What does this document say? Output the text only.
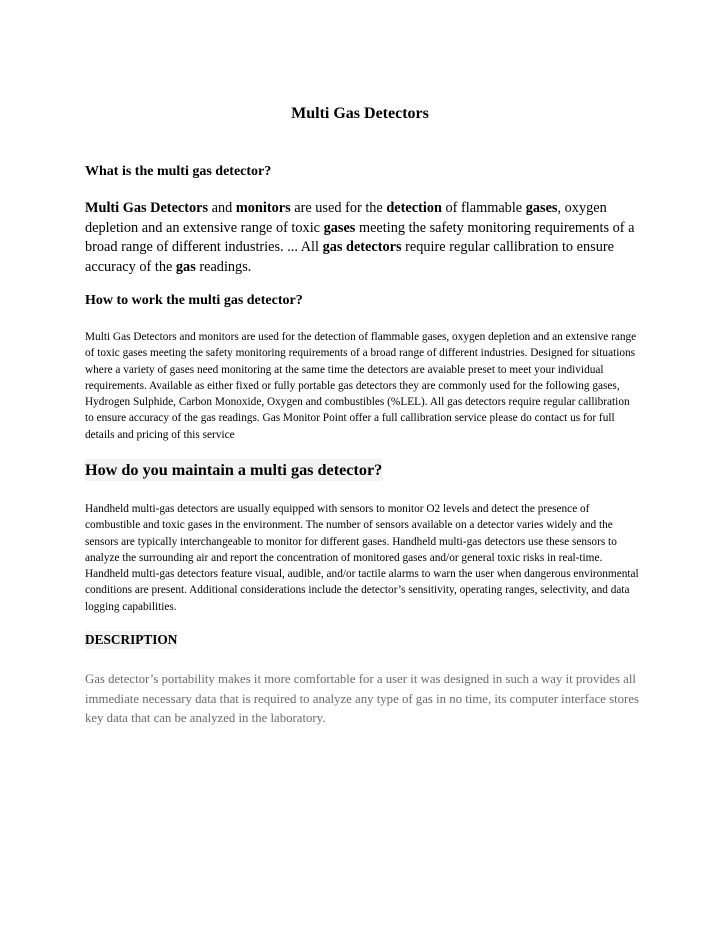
Multi Gas Detectors
What is the multi gas detector?
Multi Gas Detectors and monitors are used for the detection of flammable gases, oxygen depletion and an extensive range of toxic gases meeting the safety monitoring requirements of a broad range of different industries. ... All gas detectors require regular callibration to ensure accuracy of the gas readings.
How to work the multi gas detector?
Multi Gas Detectors and monitors are used for the detection of flammable gases, oxygen depletion and an extensive range of toxic gases meeting the safety monitoring requirements of a broad range of different industries. Designed for situations where a variety of gases need monitoring at the same time the detectors are avaiable preset to meet your individual requirements. Available as either fixed or fully portable gas detectors they are commonly used for the following gases, Hydrogen Sulphide, Carbon Monoxide, Oxygen and combustibles (%LEL). All gas detectors require regular callibration to ensure accuracy of the gas readings. Gas Monitor Point offer a full callibration service please do contact us for full details and pricing of this service
How do you maintain a multi gas detector?
Handheld multi-gas detectors are usually equipped with sensors to monitor O2 levels and detect the presence of combustible and toxic gases in the environment. The number of sensors available on a detector varies widely and the sensors are typically interchangeable to monitor for different gases. Handheld multi-gas detectors use these sensors to analyze the surrounding air and report the concentration of monitored gases and/or general toxic risks in real-time. Handheld multi-gas detectors feature visual, audible, and/or tactile alarms to warn the user when dangerous environmental conditions are present. Additional considerations include the detector’s sensitivity, operating ranges, selectivity, and data logging capabilities.
DESCRIPTION
Gas detector’s portability makes it more comfortable for a user it was designed in such a way it provides all immediate necessary data that is required to analyze any type of gas in no time, its computer interface stores key data that can be analyzed in the laboratory.
